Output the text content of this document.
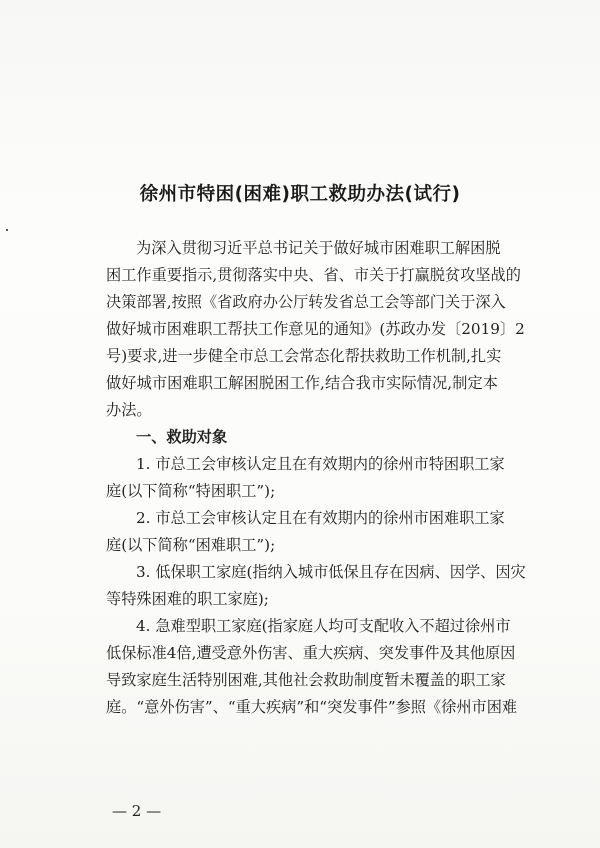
徐州市特困(困难)职工救助办法(试行)
为深入贯彻习近平总书记关于做好城市困难职工解困脱
困工作重要指示,贯彻落实中央、省、市关于打赢脱贫攻坚战的
决策部署,按照《省政府办公厅转发省总工会等部门关于深入
做好城市困难职工帮扶工作意见的通知》(苏政办发〔2019〕2
号)要求,进一步健全市总工会常态化帮扶救助工作机制,扎实
做好城市困难职工解困脱困工作,结合我市实际情况,制定本
办法。
一、救助对象
1. 市总工会审核认定且在有效期内的徐州市特困职工家
庭(以下简称“特困职工”);
2. 市总工会审核认定且在有效期内的徐州市困难职工家
庭(以下简称“困难职工”);
3. 低保职工家庭(指纳入城市低保且存在因病、因学、因灾
等特殊困难的职工家庭);
4. 急难型职工家庭(指家庭人均可支配收入不超过徐州市
低保标准4倍,遭受意外伤害、重大疾病、突发事件及其他原因
导致家庭生活特别困难,其他社会救助制度暂未覆盖的职工家
庭。“意外伤害”、“重大疾病”和“突发事件”参照《徐州市困难
— 2 —
